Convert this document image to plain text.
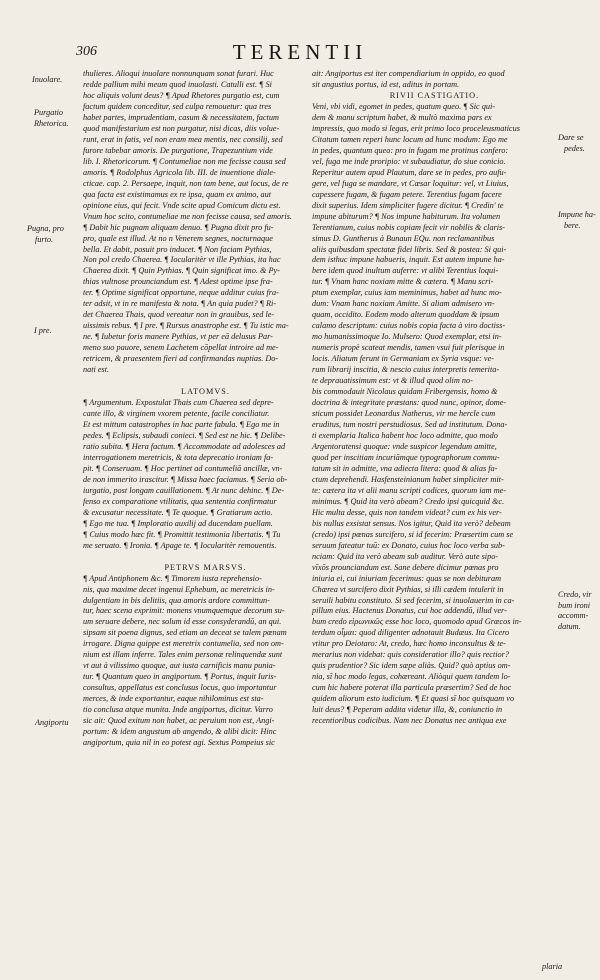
306	TERENTII
thulieres. Alioqui inuolare nonnunquam sonat furari. Huc
redde pallium mihi meum quod inuolasti. Catulli est. ¶ Si
hoc aliquis volunt deus? ¶ Apud Rhetores purgatio est, cum
factum quidem conceditur, sed culpa remouetur: qua tres
habet partes, imprudentiam, casum & necessitatem, factum
quod manifestarium est non purgatur, nisi dicas, diis volue-
runt, erat in fatis, vel non eram mea mentis, nec consilij, sed
furore tabebar amoris. De purgatione, Trapezuntium vide
lib. I. Rhetoricorum. ¶ Contumeliae non me fecisse causa sed
amoris. ¶ Rodolphus Agricola lib. III. de inuentione diale-
cticae. cap. 2. Persaepe, inquit, non tam bene, aut locus, de re
qua facta est existimamus ex re ipsa, quam ex animo, aut
opinione eius, qui fecit. Vnde scite apud Comicum dictu est.
Vnum hoc scito, contumeliae me non fecisse causa, sed amoris.
¶ Dabit hic pugnam aliquam denuo. ¶ Pugna dixit pro fu-
pro, quale est illud. At no n Venerem segnes, nocturnaque
bella. Et dabit, posuit pro inducet. ¶ Non faciam Pythias,
Non pol credo Chaerea. ¶ Iocularitèr vt ille Pythias, ita hac
Chaerea dixit. ¶ Quin Pythias. ¶ Quin significat imo. & Py-
thias vultnose prounciandum est. ¶ Adest optime ipse fra-
ter. ¶ Optime significat opportune, neque additur cuius fra-
ter adsit, vt in re manifesta & nota. ¶ An quia pudet? ¶ Ri-
det Chaerea Thais, quod vereatur non in grauibus, sed le-
uissimis rebus. ¶ I pre. ¶ Rursus anastrophe est. ¶ Tu istic ma-
ne. ¶ Iubetur foris manere Pythias, vt per eā delusus Par-
meno suo pauore, senem Lachetem cōpellat introire ad me-
retricem, & praesentem fieri ad confirmandas nuptias. Do-
nati est.
LATOMVS.
¶ Argumentum. Expostulat Thais cum Chaerea sed depre-
cante illo, & virginem vxorem petente, facile conciliatur.
Et est mittum catastrophes in hac parte fabula. ¶ Ego me in
pedes. ¶ Eclipsis, subaudi conieci. ¶ Sed est ne hic. ¶ Delibe-
ratio subita. ¶ Hera factum. ¶ Accommodate ad adolesces ad
interrogationem meretricis, & tota deprecatio ironiam fa-
pit. ¶ Conseruam. ¶ Hoc pertinet ad contumeliā ancillæ, vn-
de non immerito irascitur. ¶ Missa haec faciamus. ¶ Seria ob-
iurgatio, post longam cauillationem. ¶ At nunc dehinc. ¶ De-
fenso ex comparatione vtilitatis, qua sententia confirmatur
& excusatur necessitate. ¶ Te quoque. ¶ Gratiarum actio.
¶ Ego me tua. ¶ Imploratio auxilij ad ducendam puellam.
¶ Cuius modo hæc fit. ¶ Promittit testimonia libertatis. ¶ Tu
me seruato. ¶ Ironia. ¶ Apage te. ¶ Iocularitèr remouentis.
PETRVS MARSVS.
¶ Apud Antiphonem &c. ¶ Timorem iusta reprehensio-
nis, qua maxime decet ingenui Ephebum, ac meretricis in-
dulgentiam in bis delitiis, qua amoris ardore committun-
tur, haec scena exprimit: monens vnumquemque decorum su-
um seruare debere, nec solum id esse consyderandū, an qui.
sipsam sit poena dignus, sed etiam an deceat se talem pœnam
irrogare. Digna quippe est meretrix contumelia, sed non om-
nium est illam inferre. Tales enim personæ relinquendæ sunt
vt aut à vilissimo quoque, aut iusta carnificis manu punia-
tur. ¶ Quantum queo in angiportum. ¶ Portus, inquit Iuris-
consultus, appellatus est conclusus locus, quo importantur
merces, & inde exportantur, eaque nihilominus est sta-
tio conclusa atque munita. Inde angiportus, dicitur. Varro
sic ait: Quod exitum non habet, ac peruium non est, Angi-
portum: & idem angustum ab angendo, & alibi dicit: Hinc
angiportum, quia nil in eo potest agi. Sextus Pompeius sic
ait: Angiportus est iter compendiarium in oppido, eo quod
sit angustius portus, id est, aditus in portam.
RIVII CASTIGATIO.
Veni, vbi vidi, egomet in pedes, quatum queo. ¶ Sic qui-
dem & manu scriptum habet, & multò maxima pars ex
impressis, quo modo si legas, erit primo loco proceleusmaticus
Citatum tamen reperi hunc locum ad hunc modum: Ego me
in pedes, quantum queo: pro in fugam me protinus confero:
vel, fuga me inde proripio: vt subaudiatur, do siue conicio.
Reperitur autem apud Plautum, dare se in pedes, pro aufu-
gere, vel fuga se mandare, vt Cæsar loquitur: vel, vt Liuius,
capessere fugam, & fugam petere. Terentius fugam facere
dixit superius. Idem simpliciter fugere dicitur. ¶ Credin' te
impune abiturum? ¶ Nos impune habiturum. Ita volumen
Terentianum, cuius nobis copiam fecit vir nobilis & claris-
simus D. Guntherus à Bunaun EQu. non reclamantibus
aliis quibusdam spectatæ fidei libris. Sed & postea: Si qui-
dem isthuc impune habueris, inquit. Est autem impune ha-
bere idem quod inultum auferre: vt alibi Terentius loqui-
tur. ¶ Vnam hanc noxiam mitte & cætera. ¶ Manu scri-
ptum exemplar, cuius iam meminimus, habet ad hunc mo-
dum: Vnam hanc noxiam Amitte. Si aliam admisero vn-
quam, occidito. Eodem modo alterum quoddam & ipsum
calamo descriptum: cuius nobis copia facta à viro doctiss-
mo humanissimoque Io. Mulsero: Quod exemplar, etsi in-
numeris propè scateat mendis, tamen vsui fuit plerisque in
locis. Aliatum ferunt in Germaniam ex Syria vsque: ve-
rum librarij inscitia, & nescio cuius interpretis temerita-
te deprauatissimum est: vt & illud quod olim no-
bis commodauit Nicolaus quidam Fribergensis, homo &
doctrina & integritate præstans: quod nunc, opinor, dome-
sticum possidet Leonardus Natherus, vir me hercle cum
eruditus, tum nostri perstudiosus. Sed ad institutum. Dona-
ti exemplaria Italica habent hoc loco admitte, quo modo
Argentoratensi quoque: vnde suspicor legendum amitte,
quod per inscitiam incuriāmque typographorum commu-
tatum sit in admitte, vna adiecta litera: quod & alias fa-
ctum deprehendi. Hasfensteinianum habet simpliciter mit-
te: cætera ita vt alii manu scripti codices, quorum iam me-
minimus. ¶ Quid ita verò abeam? Credo ipsi quicquid &c.
Hic multa desse, quis non tandem videat? cum ex his ver-
bis nullus exsistat sensus. Nos igitur, Quid ita verò? debeam
(credo) ipsi pœnas surcifero, si id fecerim: Præsertim cum se
seruum fateatur tuū: ex Donato, cuius hoc loco verba sub-
nciam: Quid ita verò abeam sub auditur. Verò aute sipo-
vīxōs prounciandum est. Sane debere dicimur pœnas pro
iniuria ei, cui iniuriam fecerimus: quas se non debituram
Chærea vt surcifero dixit Pythias, si illi cædem intulerit in
seruili habitu constituto. Si sed fecerim, si inuolauerim in ca-
pillum eius. Hactenus Donatus, cui hoc addendū, illud ver-
bum credo εἰρωνικῶς esse hoc loco, quomodo apud Græcos in-
terdum οἶμαι: quod diligenter adnotauit Budæus. Ita Cicero
vtitur pro Deiotaro: At, credo, hæc homo inconsultus & te-
merarius non videbat: quis consideratior illo? quis rectior?
quis prudentior? Sic idem sæpe aliàs. Quid? quò aptius om-
nia, sī hoc modo legas, cohæreant. Aliòqui quem tandem lo-
cum hic habere poterat illa particula præsertim? Sed de hoc
quidem aliorum esto iudicium. ¶ Et quasi sī hoc quisquam vo
luit deus? ¶ Peperam addita videtur illa, &, coniunctio in
recentioribus codicibus. Nam nec Donatus nec antiqua exe
Inuolare.
Purgatio
Rhetorica.
Pugna, pro
furto.
I pre.
Angiportu
Dare se
pedes.
Impune ha-
bere.
Credo, vir
bum ironi
accomm-
datum.
plaria
